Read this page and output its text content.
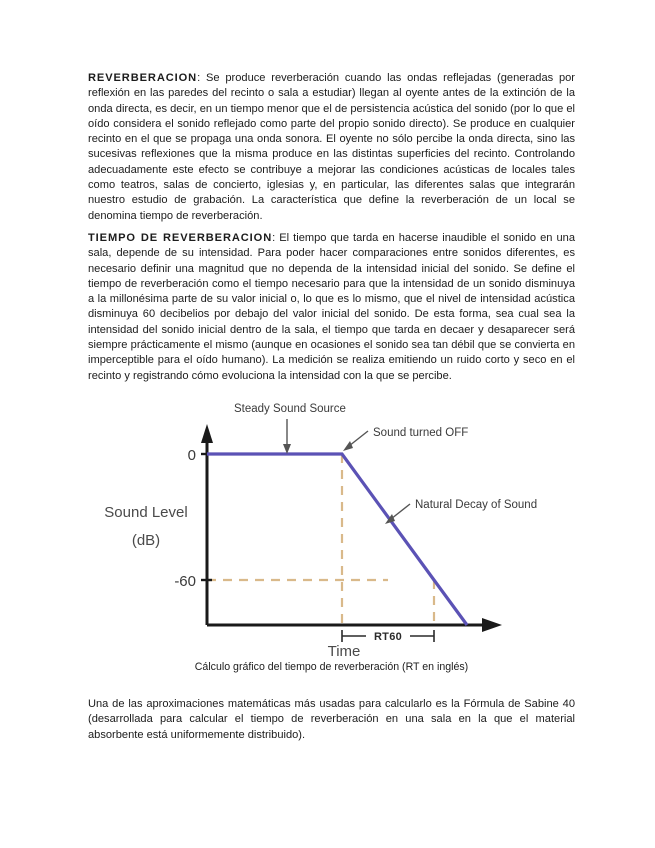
REVERBERACION: Se produce reverberación cuando las ondas reflejadas (generadas por reflexión en las paredes del recinto o sala a estudiar) llegan al oyente antes de la extinción de la onda directa, es decir, en un tiempo menor que el de persistencia acústica del sonido (por lo que el oído considera el sonido reflejado como parte del propio sonido directo). Se produce en cualquier recinto en el que se propaga una onda sonora. El oyente no sólo percibe la onda directa, sino las sucesivas reflexiones que la misma produce en las distintas superficies del recinto. Controlando adecuadamente este efecto se contribuye a mejorar las condiciones acústicas de locales tales como teatros, salas de concierto, iglesias y, en particular, las diferentes salas que integrarán nuestro estudio de grabación. La característica que define la reverberación de un local se denomina tiempo de reverberación.

TIEMPO DE REVERBERACION: El tiempo que tarda en hacerse inaudible el sonido en una sala, depende de su intensidad. Para poder hacer comparaciones entre sonidos diferentes, es necesario definir una magnitud que no dependa de la intensidad inicial del sonido. Se define el tiempo de reverberación como el tiempo necesario para que la intensidad de un sonido disminuya a la millonésima parte de su valor inicial o, lo que es lo mismo, que el nivel de intensidad acústica disminuya 60 decibelios por debajo del valor inicial del sonido. De esta forma, sea cual sea la intensidad del sonido inicial dentro de la sala, el tiempo que tarda en decaer y desaparecer será siempre prácticamente el mismo (aunque en ocasiones el sonido sea tan débil que se convierta en imperceptible para el oído humano). La medición se realiza emitiendo un ruido corto y seco en el recinto y registrando cómo evoluciona la intensidad con la que se percibe.

0
-60
Sound Level
(dB)
Time
Steady Sound Source
Sound turned OFF
Natural Decay of Sound
RT60
Cálculo gráfico del tiempo de reverberación (RT en inglés)

Una de las aproximaciones matemáticas más usadas para calcularlo es la Fórmula de Sabine 40 (desarrollada para calcular el tiempo de reverberación en una sala en la que el material absorbente está uniformemente distribuido).
